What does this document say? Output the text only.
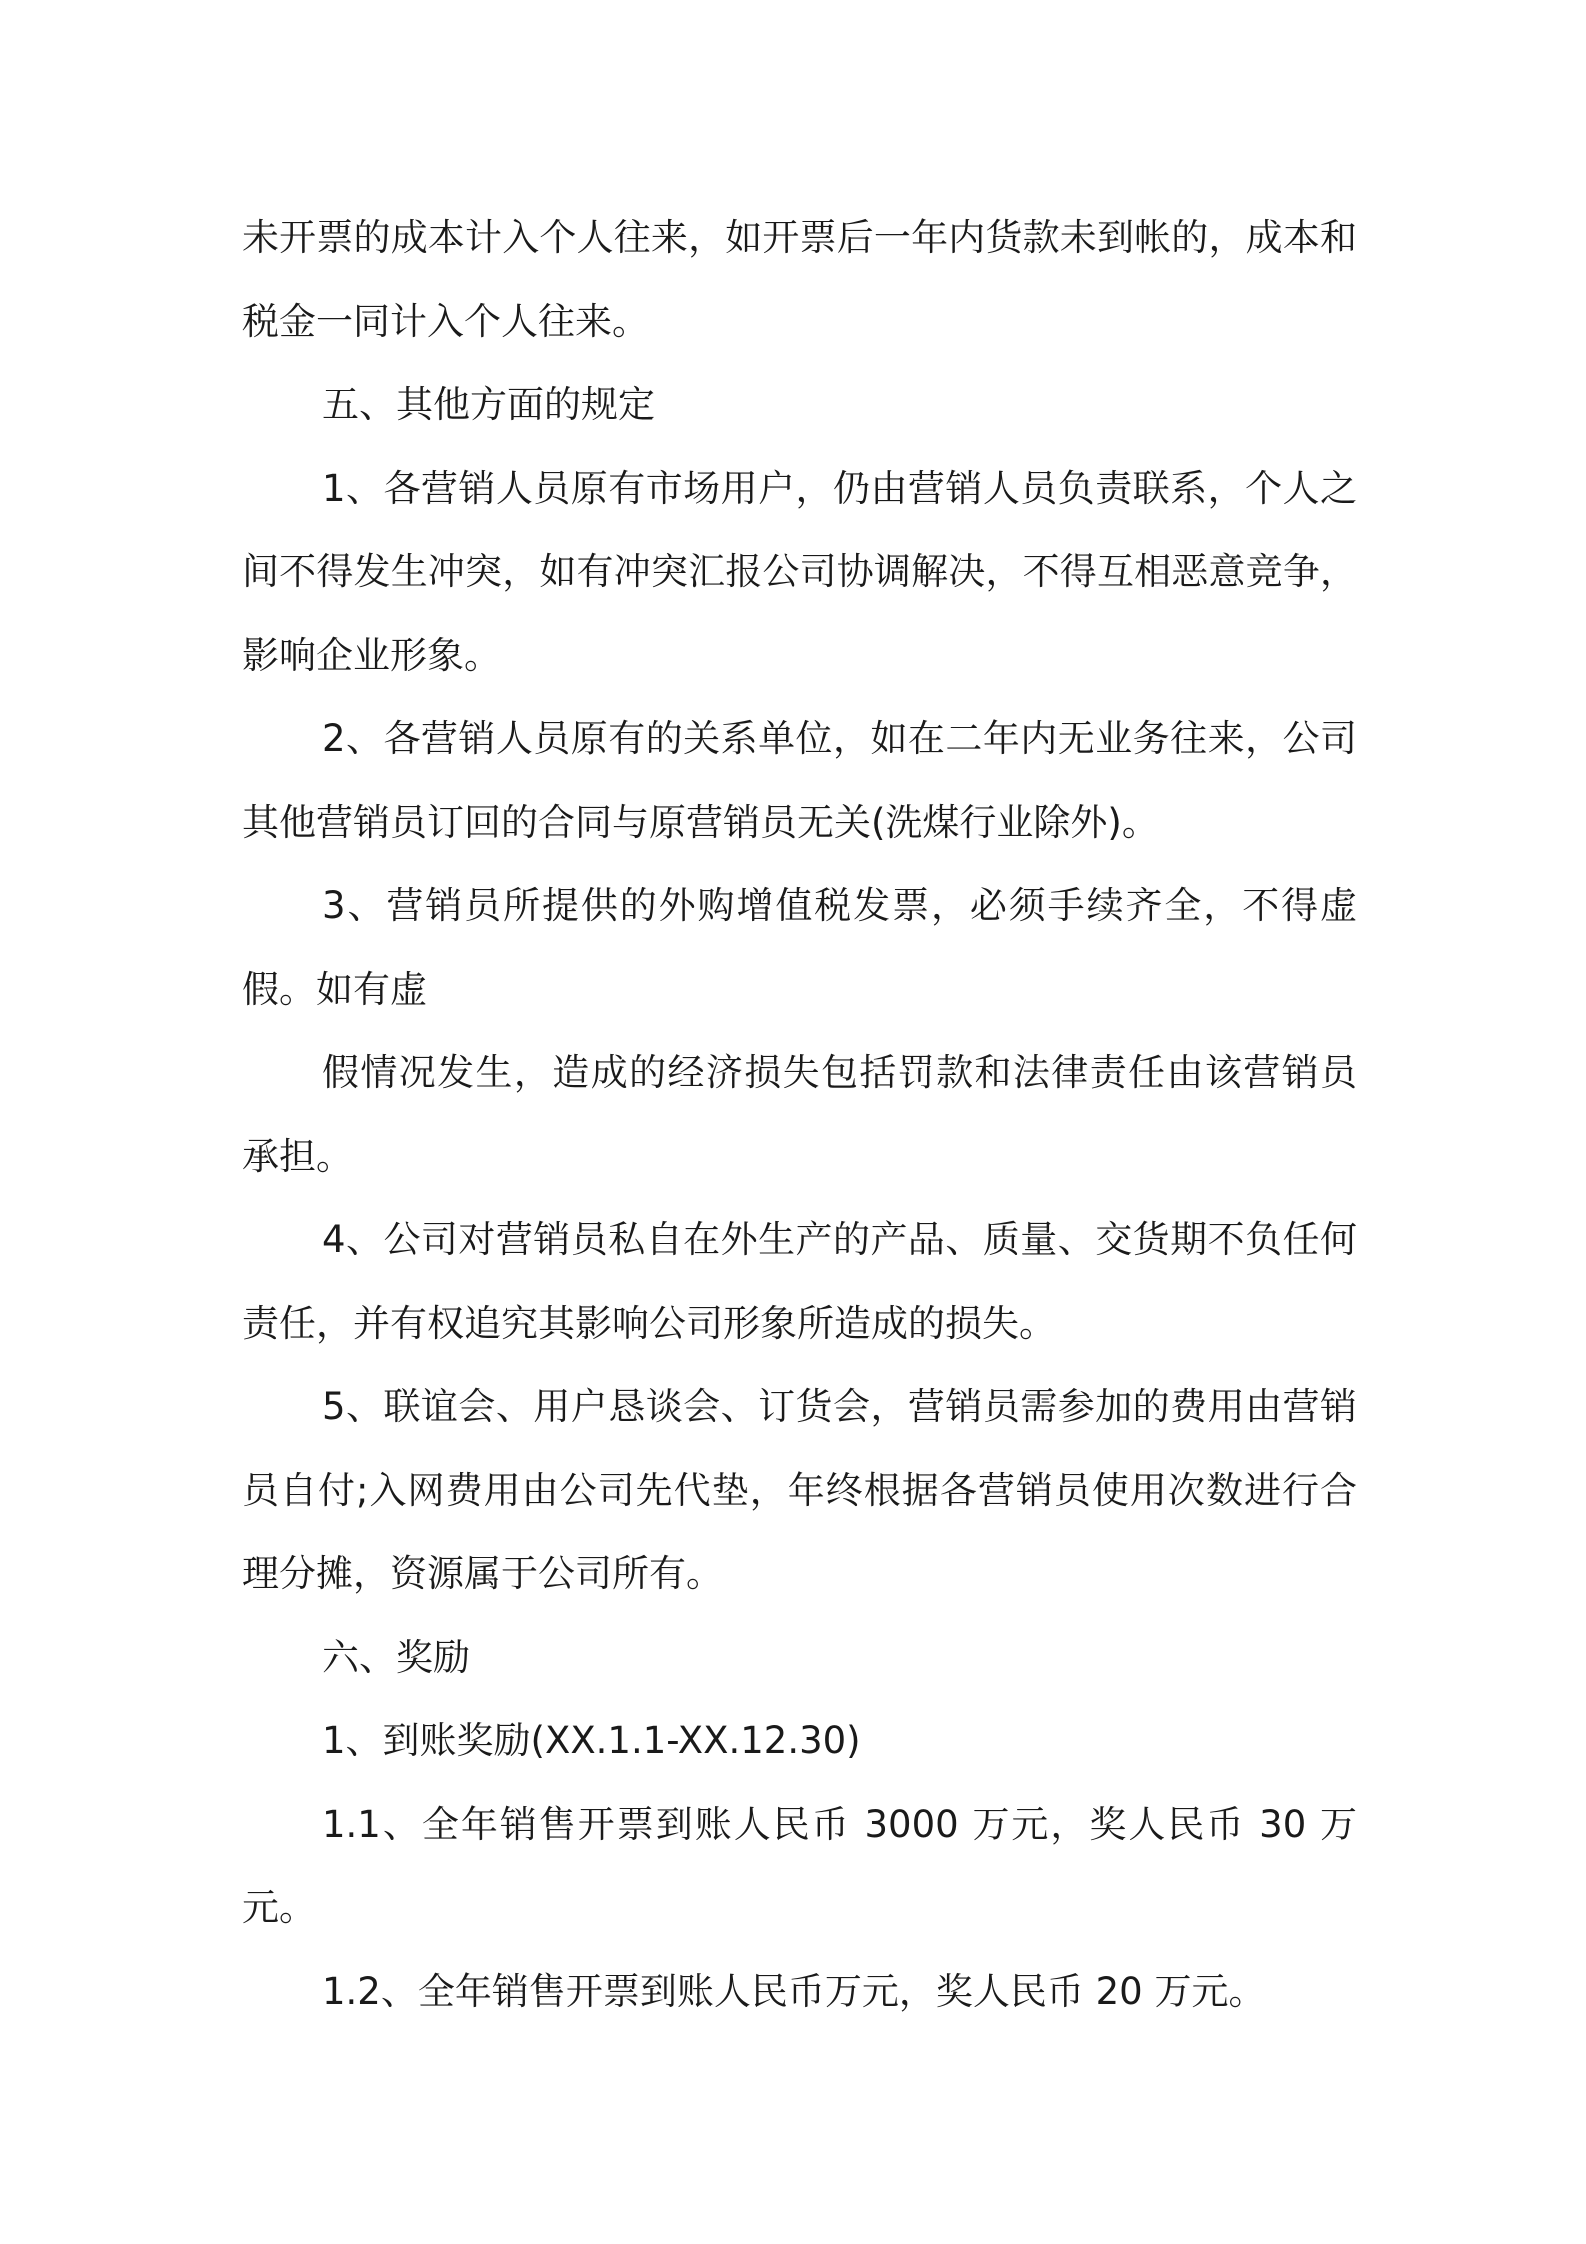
未开票的成本计入个人往来，如开票后一年内货款未到帐的，成本和税金一同计入个人往来。

五、其他方面的规定

1、各营销人员原有市场用户，仍由营销人员负责联系，个人之间不得发生冲突，如有冲突汇报公司协调解决，不得互相恶意竞争，影响企业形象。

2、各营销人员原有的关系单位，如在二年内无业务往来，公司其他营销员订回的合同与原营销员无关(洗煤行业除外)。

3、营销员所提供的外购增值税发票，必须手续齐全，不得虚假。如有虚

假情况发生，造成的经济损失包括罚款和法律责任由该营销员承担。

4、公司对营销员私自在外生产的产品、质量、交货期不负任何责任，并有权追究其影响公司形象所造成的损失。

5、联谊会、用户恳谈会、订货会，营销员需参加的费用由营销员自付;入网费用由公司先代垫，年终根据各营销员使用次数进行合理分摊，资源属于公司所有。

六、奖励

1、到账奖励(XX.1.1-XX.12.30)

1.1、全年销售开票到账人民币 3000 万元，奖人民币 30 万元。

1.2、全年销售开票到账人民币万元，奖人民币 20 万元。
